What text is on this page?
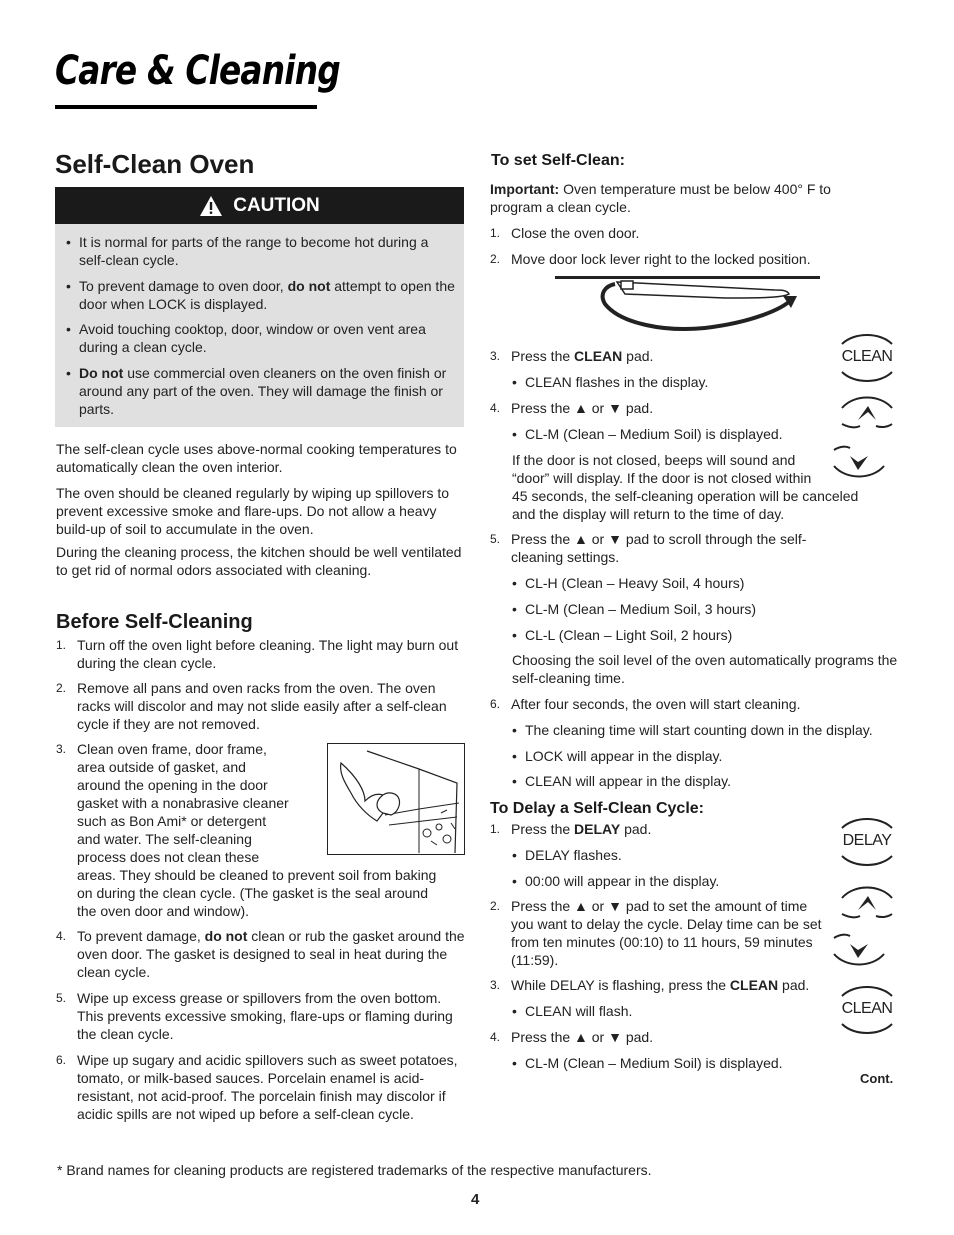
Care & Cleaning
Self-Clean Oven
CAUTION
• It is normal for parts of the range to become hot during a self-clean cycle.
• To prevent damage to oven door, do not attempt to open the door when LOCK is displayed.
• Avoid touching cooktop, door, window or oven vent area during a clean cycle.
• Do not use commercial oven cleaners on the oven finish or around any part of the oven. They will damage the finish or parts.
The self-clean cycle uses above-normal cooking temperatures to automatically clean the oven interior.
The oven should be cleaned regularly by wiping up spillovers to prevent excessive smoke and flare-ups. Do not allow a heavy build-up of soil to accumulate in the oven.
During the cleaning process, the kitchen should be well ventilated to get rid of normal odors associated with cleaning.
Before Self-Cleaning
1. Turn off the oven light before cleaning. The light may burn out during the clean cycle.
2. Remove all pans and oven racks from the oven. The oven racks will discolor and may not slide easily after a self-clean cycle if they are not removed.
3. Clean oven frame, door frame, area outside of gasket, and around the opening in the door gasket with a nonabrasive cleaner such as Bon Ami* or detergent and water. The self-cleaning process does not clean these areas. They should be cleaned to prevent soil from baking on during the clean cycle. (The gasket is the seal around the oven door and window).
4. To prevent damage, do not clean or rub the gasket around the oven door. The gasket is designed to seal in heat during the clean cycle.
5. Wipe up excess grease or spillovers from the oven bottom. This prevents excessive smoking, flare-ups or flaming during the clean cycle.
6. Wipe up sugary and acidic spillovers such as sweet potatoes, tomato, or milk-based sauces. Porcelain enamel is acid-resistant, not acid-proof. The porcelain finish may discolor if acidic spills are not wiped up before a self-clean cycle.
To set Self-Clean:
Important: Oven temperature must be below 400° F to program a clean cycle.
1. Close the oven door.
2. Move door lock lever right to the locked position.
3. Press the CLEAN pad.
• CLEAN flashes in the display.
4. Press the ▲ or ▼ pad.
• CL-M (Clean – Medium Soil) is displayed.
If the door is not closed, beeps will sound and “door” will display. If the door is not closed within 45 seconds, the self-cleaning operation will be canceled and the display will return to the time of day.
5. Press the ▲ or ▼ pad to scroll through the self-cleaning settings.
• CL-H (Clean – Heavy Soil, 4 hours)
• CL-M (Clean – Medium Soil, 3 hours)
• CL-L (Clean – Light Soil, 2 hours)
Choosing the soil level of the oven automatically programs the self-cleaning time.
6. After four seconds, the oven will start cleaning.
• The cleaning time will start counting down in the display.
• LOCK will appear in the display.
• CLEAN will appear in the display.
To Delay a Self-Clean Cycle:
1. Press the DELAY pad.
• DELAY flashes.
• 00:00 will appear in the display.
2. Press the ▲ or ▼ pad to set the amount of time you want to delay the cycle. Delay time can be set from ten minutes (00:10) to 11 hours, 59 minutes (11:59).
3. While DELAY is flashing, press the CLEAN pad.
• CLEAN will flash.
4. Press the ▲ or ▼ pad.
• CL-M (Clean – Medium Soil) is displayed.
Cont.
CLEAN
DELAY
CLEAN
* Brand names for cleaning products are registered trademarks of the respective manufacturers.
4
